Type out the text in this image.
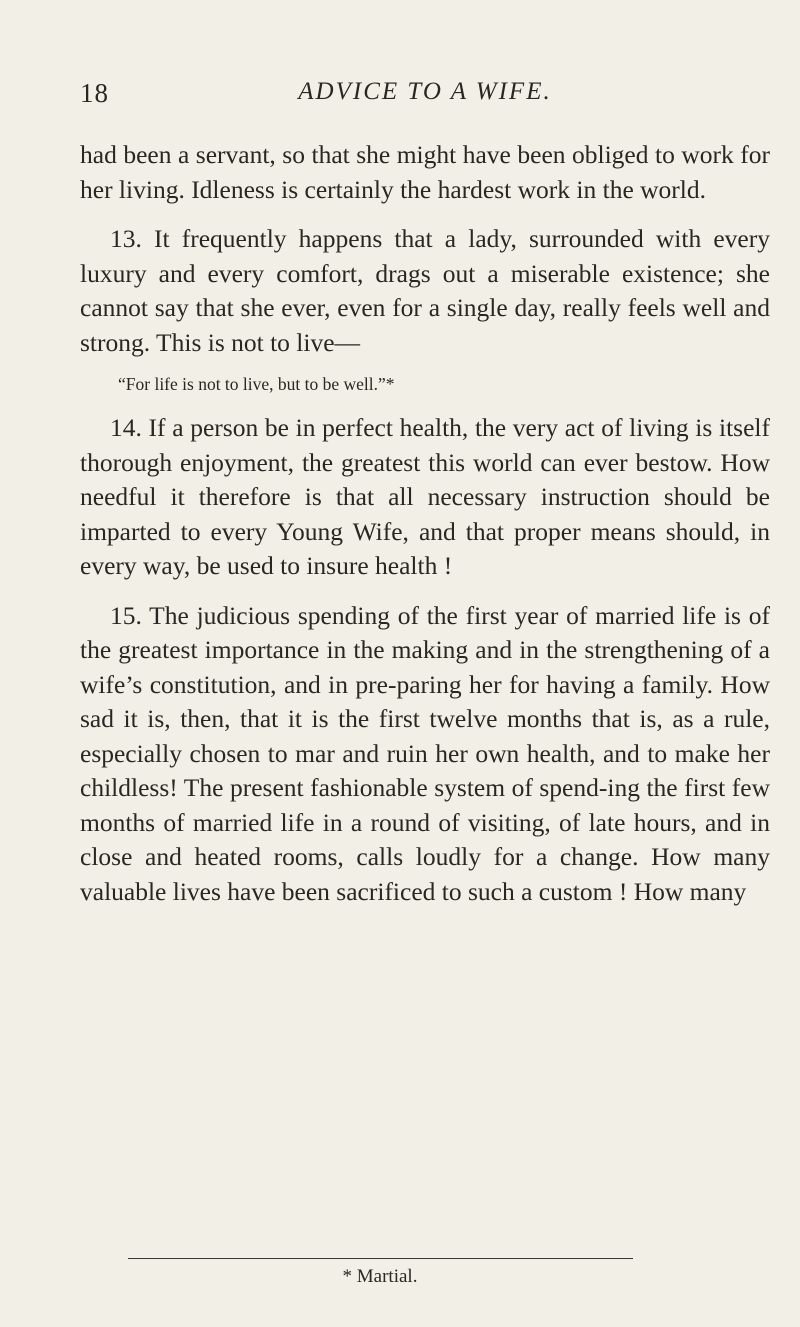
18	ADVICE TO A WIFE.

had been a servant, so that she might have been obliged to work for her living. Idleness is certainly the hardest work in the world.

13. It frequently happens that a lady, surrounded with every luxury and every comfort, drags out a miserable existence; she cannot say that she ever, even for a single day, really feels well and strong. This is not to live—

“For life is not to live, but to be well.”*

14. If a person be in perfect health, the very act of living is itself thorough enjoyment, the greatest this world can ever bestow. How needful it therefore is that all necessary instruction should be imparted to every Young Wife, and that proper means should, in every way, be used to insure health !

15. The judicious spending of the first year of married life is of the greatest importance in the making and in the strengthening of a wife’s constitution, and in pre-paring her for having a family. How sad it is, then, that it is the first twelve months that is, as a rule, especially chosen to mar and ruin her own health, and to make her childless! The present fashionable system of spend-ing the first few months of married life in a round of visiting, of late hours, and in close and heated rooms, calls loudly for a change. How many valuable lives have been sacrificed to such a custom ! How many

* Martial.
